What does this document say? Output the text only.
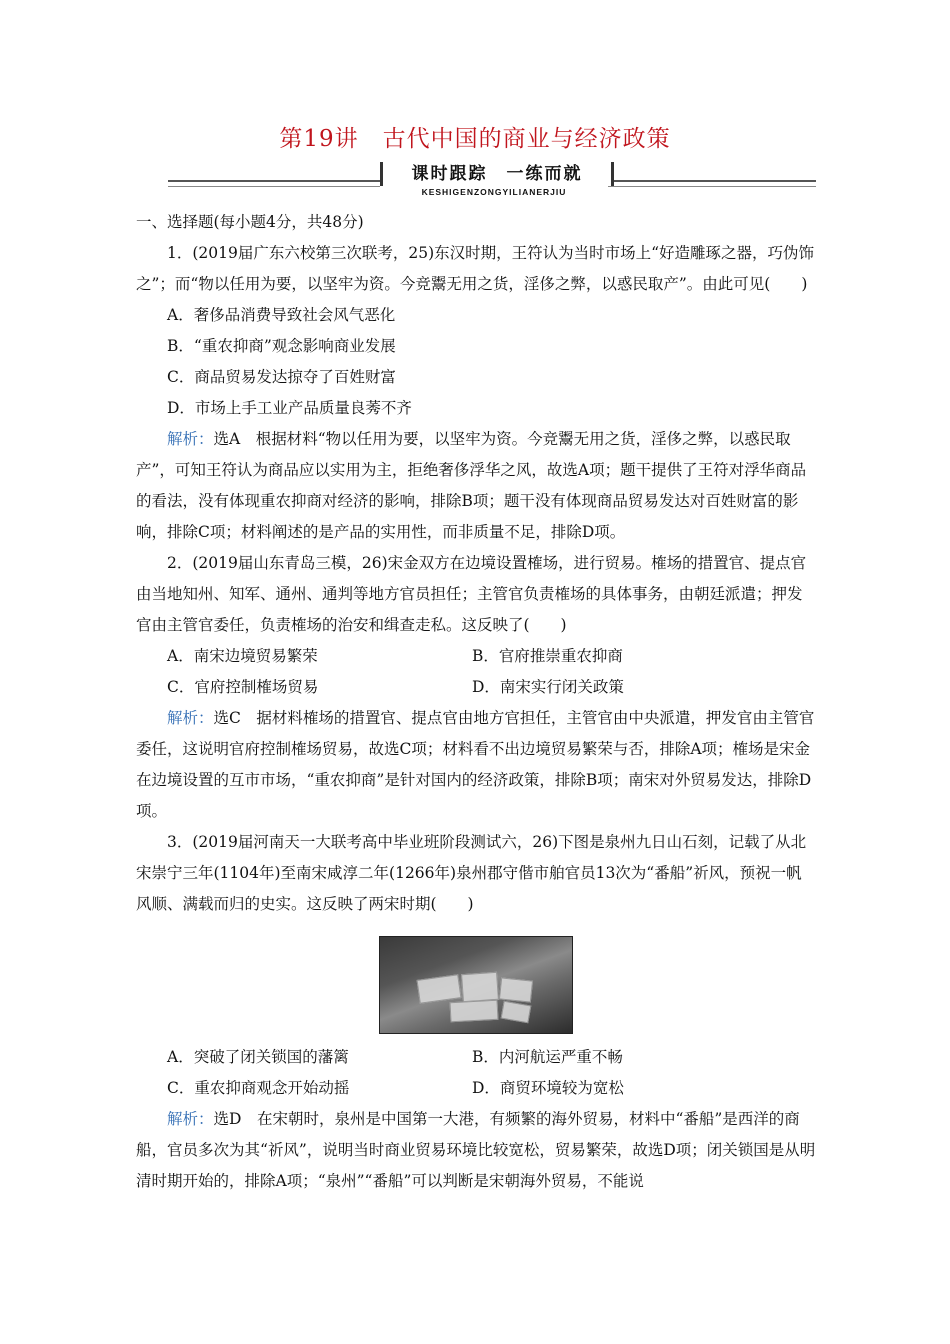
第19讲　古代中国的商业与经济政策
课时跟踪　一练而就
KESHIGENZONGYILIANERJIU

一、选择题(每小题4分，共48分)

1．(2019届广东六校第三次联考，25)东汉时期，王符认为当时市场上“好造雕琢之器，巧伪饰之”；而“物以任用为要，以坚牢为资。今竞鬻无用之货，淫侈之弊，以惑民取产”。由此可见(　　)

A．奢侈品消费导致社会风气恶化

B．“重农抑商”观念影响商业发展

C．商品贸易发达掠夺了百姓财富

D．市场上手工业产品质量良莠不齐

解析：选A　根据材料“物以任用为要，以坚牢为资。今竞鬻无用之货，淫侈之弊，以惑民取产”，可知王符认为商品应以实用为主，拒绝奢侈浮华之风，故选A项；题干提供了王符对浮华商品的看法，没有体现重农抑商对经济的影响，排除B项；题干没有体现商品贸易发达对百姓财富的影响，排除C项；材料阐述的是产品的实用性，而非质量不足，排除D项。

2．(2019届山东青岛三模，26)宋金双方在边境设置榷场，进行贸易。榷场的措置官、提点官由当地知州、知军、通州、通判等地方官员担任；主管官负责榷场的具体事务，由朝廷派遣；押发官由主管官委任，负责榷场的治安和缉查走私。这反映了(　　)

A．南宋边境贸易繁荣	B．官府推崇重农抑商
C．官府控制榷场贸易	D．南宋实行闭关政策

解析：选C　据材料榷场的措置官、提点官由地方官担任，主管官由中央派遣，押发官由主管官委任，这说明官府控制榷场贸易，故选C项；材料看不出边境贸易繁荣与否，排除A项；榷场是宋金在边境设置的互市市场，“重农抑商”是针对国内的经济政策，排除B项；南宋对外贸易发达，排除D项。

3．(2019届河南天一大联考高中毕业班阶段测试六，26)下图是泉州九日山石刻，记载了从北宋崇宁三年(1104年)至南宋咸淳二年(1266年)泉州郡守偕市舶官员13次为“番船”祈风，预祝一帆风顺、满载而归的史实。这反映了两宋时期(　　)

A．突破了闭关锁国的藩篱	B．内河航运严重不畅
C．重农抑商观念开始动摇	D．商贸环境较为宽松

解析：选D　在宋朝时，泉州是中国第一大港，有频繁的海外贸易，材料中“番船”是西洋的商船，官员多次为其“祈风”，说明当时商业贸易环境比较宽松，贸易繁荣，故选D项；闭关锁国是从明清时期开始的，排除A项；“泉州”“番船”可以判断是宋朝海外贸易，不能说
